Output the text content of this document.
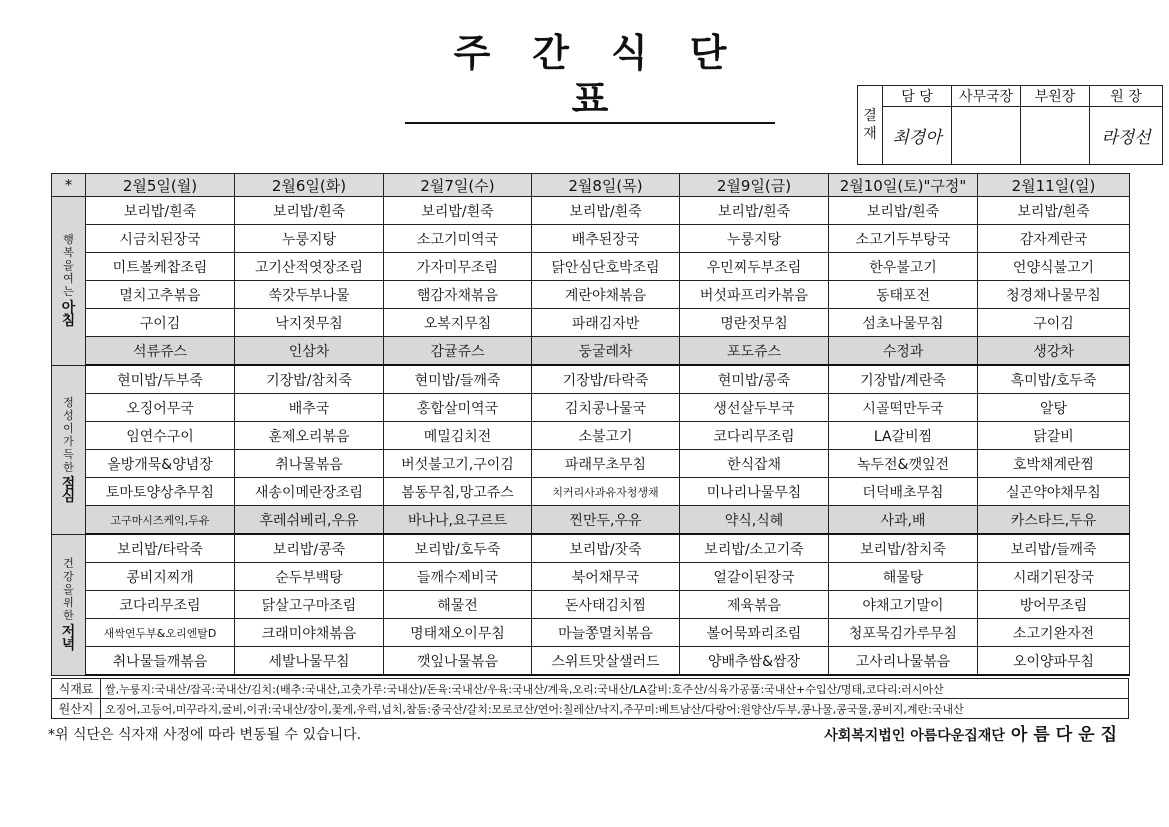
주간식단표	결재	담 당	사무국장	부원장	원 장
	최경아			라정선
*	2월5일(월)	2월6일(화)	2월7일(수)	2월8일(목)	2월9일(금)	2월10일(토)"구정"	2월11일(일)
행복을여는
아침	보리밥/흰죽	보리밥/흰죽	보리밥/흰죽	보리밥/흰죽	보리밥/흰죽	보리밥/흰죽	보리밥/흰죽
	시금치된장국	누룽지탕	소고기미역국	배추된장국	누룽지탕	소고기두부탕국	감자계란국
	미트볼케찹조림	고기산적엿장조림	가자미무조림	닭안심단호박조림	우민찌두부조림	한우불고기	언양식불고기
	멸치고추볶음	쑥갓두부나물	햄감자채볶음	계란야채볶음	버섯파프리카볶음	동태포전	청경채나물무침
	구이김	낙지젓무침	오복지무침	파래김자반	명란젓무침	섬초나물무침	구이김
	석류쥬스	인삼차	감귤쥬스	둥굴레차	포도쥬스	수정과	생강차
정성이가득한
점심	현미밥/두부죽	기장밥/참치죽	현미밥/들깨죽	기장밥/타락죽	현미밥/콩죽	기장밥/계란죽	흑미밥/호두죽
	오징어무국	배추국	홍합살미역국	김치콩나물국	생선살두부국	시골떡만두국	알탕
	임연수구이	훈제오리볶음	메밀김치전	소불고기	코다리무조림	LA갈비찜	닭갈비
	올방개묵&양념장	취나물볶음	버섯불고기,구이김	파래무초무침	한식잡채	녹두전&깻잎전	호박채계란찜
	토마토양상추무침	새송이메란장조림	봄동무침,망고쥬스	치커리사과유자청생채	미나리나물무침	더덕배초무침	실곤약야채무침
	고구마시즈케익,두유	후레쉬베리,우유	바나나,요구르트	찐만두,우유	약식,식혜	사과,배	카스타드,두유
건강을위한
저녁	보리밥/타락죽	보리밥/콩죽	보리밥/호두죽	보리밥/잣죽	보리밥/소고기죽	보리밥/참치죽	보리밥/들깨죽
	콩비지찌개	순두부백탕	들깨수제비국	북어채무국	얼갈이된장국	해물탕	시래기된장국
	코다리무조림	닭살고구마조림	해물전	돈사태김치찜	제육볶음	야채고기말이	방어무조림
	새싹연두부&오리엔탈D	크래미야채볶음	명태채오이무침	마늘쫑멸치볶음	볼어묵꽈리조림	청포묵김가루무침	소고기완자전
	취나물들깨볶음	세발나물무침	깻잎나물볶음	스위트맛살샐러드	양배추쌈&쌈장	고사리나물볶음	오이양파무침
식재료	쌀,누룽지:국내산/잡곡:국내산/김치:(배추:국내산,고춧가루:국내산)/돈육:국내산/우육:국내산/계육,오리:국내산/LA갈비:호주산/식육가공품:국내산+수입산/명태,코다리:러시아산
원산지	오징어,고등어,미꾸라지,굴비,이귀:국내산/장이,꽃게,우럭,넙치,참돔:중국산/갈치:모로코산/연어:칠레산/낙지,주꾸미:베트남산/다랑어:원양산/두부,콩나물,콩국물,콩비지,계란:국내산
*위 식단은 식자재 사정에 따라 변동될 수 있습니다.	사회복지법인 아름다운집재단 아름다운집
